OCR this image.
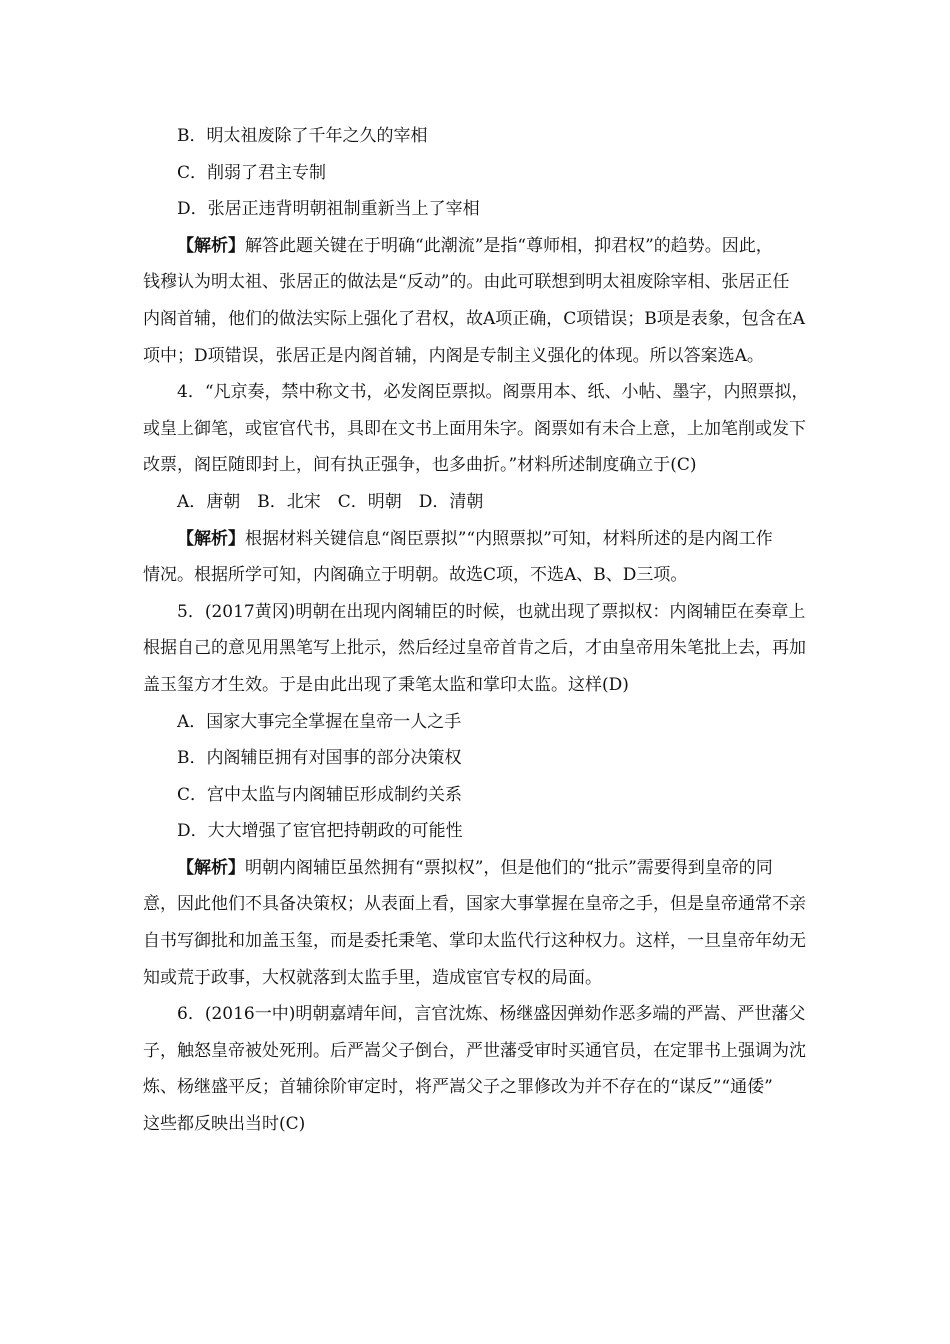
B．明太祖废除了千年之久的宰相
C．削弱了君主专制
D．张居正违背明朝祖制重新当上了宰相
【解析】解答此题关键在于明确“此潮流”是指“尊师相，抑君权”的趋势。因此，
钱穆认为明太祖、张居正的做法是“反动”的。由此可联想到明太祖废除宰相、张居正任
内阁首辅，他们的做法实际上强化了君权，故A项正确，C项错误；B项是表象，包含在A
项中；D项错误，张居正是内阁首辅，内阁是专制主义强化的体现。所以答案选A。
4．“凡京奏，禁中称文书，必发阁臣票拟。阁票用本、纸、小帖、墨字，内照票拟，
或皇上御笔，或宦官代书，具即在文书上面用朱字。阁票如有未合上意，上加笔削或发下
改票，阁臣随即封上，间有执正强争，也多曲折。”材料所述制度确立于(C)
A．唐朝　B．北宋　C．明朝　D．清朝
【解析】根据材料关键信息“阁臣票拟”“内照票拟”可知，材料所述的是内阁工作
情况。根据所学可知，内阁确立于明朝。故选C项，不选A、B、D三项。
5．(2017黄冈)明朝在出现内阁辅臣的时候，也就出现了票拟权：内阁辅臣在奏章上
根据自己的意见用黑笔写上批示，然后经过皇帝首肯之后，才由皇帝用朱笔批上去，再加
盖玉玺方才生效。于是由此出现了秉笔太监和掌印太监。这样(D)
A．国家大事完全掌握在皇帝一人之手
B．内阁辅臣拥有对国事的部分决策权
C．宫中太监与内阁辅臣形成制约关系
D．大大增强了宦官把持朝政的可能性
【解析】明朝内阁辅臣虽然拥有“票拟权”，但是他们的“批示”需要得到皇帝的同
意，因此他们不具备决策权；从表面上看，国家大事掌握在皇帝之手，但是皇帝通常不亲
自书写御批和加盖玉玺，而是委托秉笔、掌印太监代行这种权力。这样，一旦皇帝年幼无
知或荒于政事，大权就落到太监手里，造成宦官专权的局面。
6．(2016一中)明朝嘉靖年间，言官沈炼、杨继盛因弹劾作恶多端的严嵩、严世藩父
子，触怒皇帝被处死刑。后严嵩父子倒台，严世藩受审时买通官员，在定罪书上强调为沈
炼、杨继盛平反；首辅徐阶审定时，将严嵩父子之罪修改为并不存在的“谋反”“通倭”
这些都反映出当时(C)
